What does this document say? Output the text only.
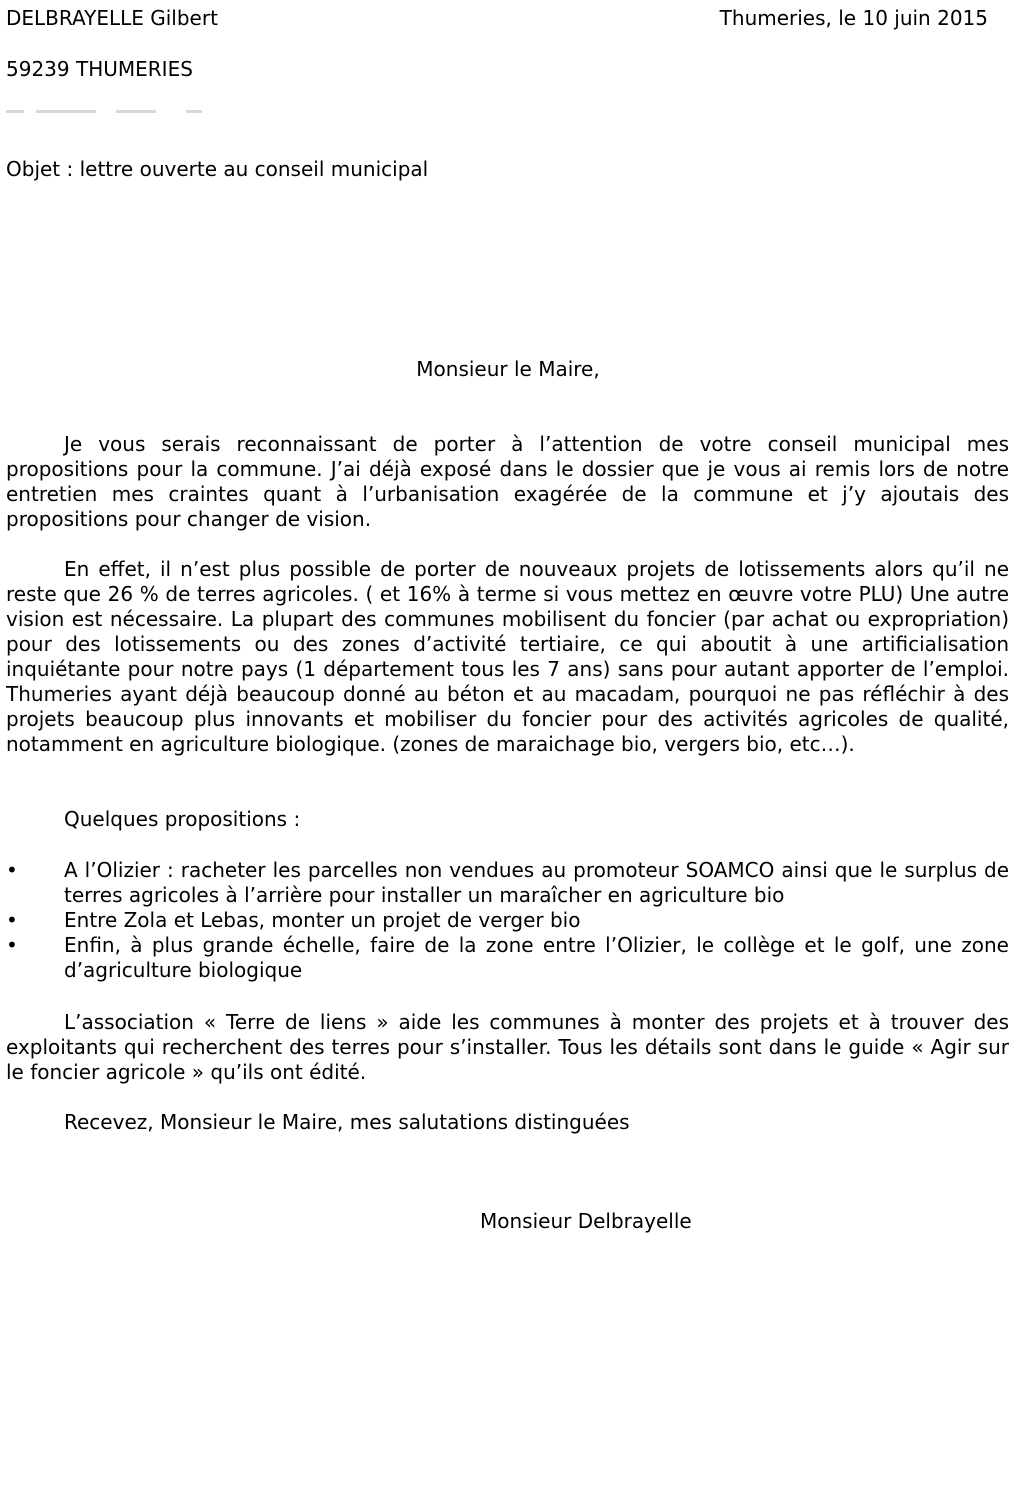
DELBRAYELLE Gilbert	Thumeries, le 10 juin 2015
59239 THUMERIES
Objet : lettre ouverte au conseil municipal
Monsieur le Maire,

Je vous serais reconnaissant de porter à l’attention de votre conseil municipal mes propositions pour la commune. J’ai déjà exposé dans le dossier que je vous ai remis lors de notre entretien mes craintes quant à l’urbanisation exagérée de la commune et j’y ajoutais des propositions pour changer de vision.

En effet, il n’est plus possible de porter de nouveaux projets de lotissements alors qu’il ne reste que 26 % de terres agricoles. ( et 16% à terme si vous mettez en œuvre votre PLU) Une autre vision est nécessaire. La plupart des communes mobilisent du foncier (par achat ou expropriation) pour des lotissements ou des zones d’activité tertiaire, ce qui aboutit à une artificialisation inquiétante pour notre pays (1 département tous les 7 ans) sans pour autant apporter de l’emploi. Thumeries ayant déjà beaucoup donné au béton et au macadam, pourquoi ne pas réfléchir à des projets beaucoup plus innovants et mobiliser du foncier pour des activités agricoles de qualité, notamment en agriculture biologique. (zones de maraichage bio, vergers bio, etc…).

Quelques propositions :

•	A l’Olizier : racheter les parcelles non vendues au promoteur SOAMCO ainsi que le surplus de terres agricoles à l’arrière pour installer un maraîcher en agriculture bio
•	Entre Zola et Lebas, monter un projet de verger bio
•	Enfin, à plus grande échelle, faire de la zone entre l’Olizier, le collège et le golf, une zone d’agriculture biologique

L’association « Terre de liens » aide les communes à monter des projets et à trouver des exploitants qui recherchent des terres pour s’installer. Tous les détails sont dans le guide « Agir sur le foncier agricole » qu’ils ont édité.

Recevez, Monsieur le Maire, mes salutations distinguées

Monsieur Delbrayelle
